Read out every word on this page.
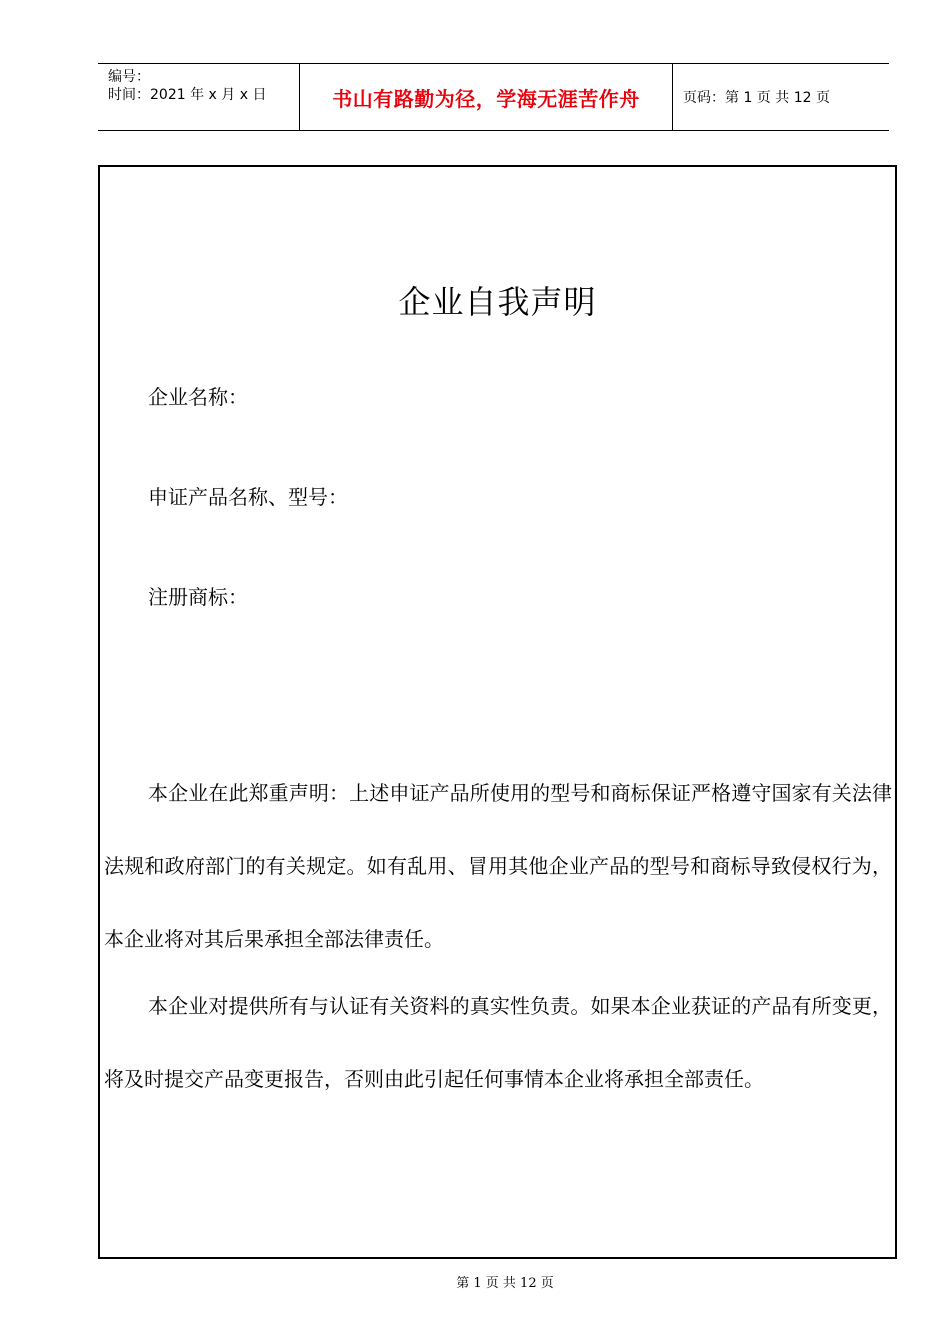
编号：
时间：2021 年 x 月 x 日	书山有路勤为径，学海无涯苦作舟	页码：第 1 页 共 12 页
企业自我声明
企业名称：
申证产品名称、型号：
注册商标：

本企业在此郑重声明：上述申证产品所使用的型号和商标保证严格遵守国家有关法律法规和政府部门的有关规定。如有乱用、冒用其他企业产品的型号和商标导致侵权行为，本企业将对其后果承担全部法律责任。

本企业对提供所有与认证有关资料的真实性负责。如果本企业获证的产品有所变更，将及时提交产品变更报告，否则由此引起任何事情本企业将承担全部责任。

第 1 页 共 12 页
